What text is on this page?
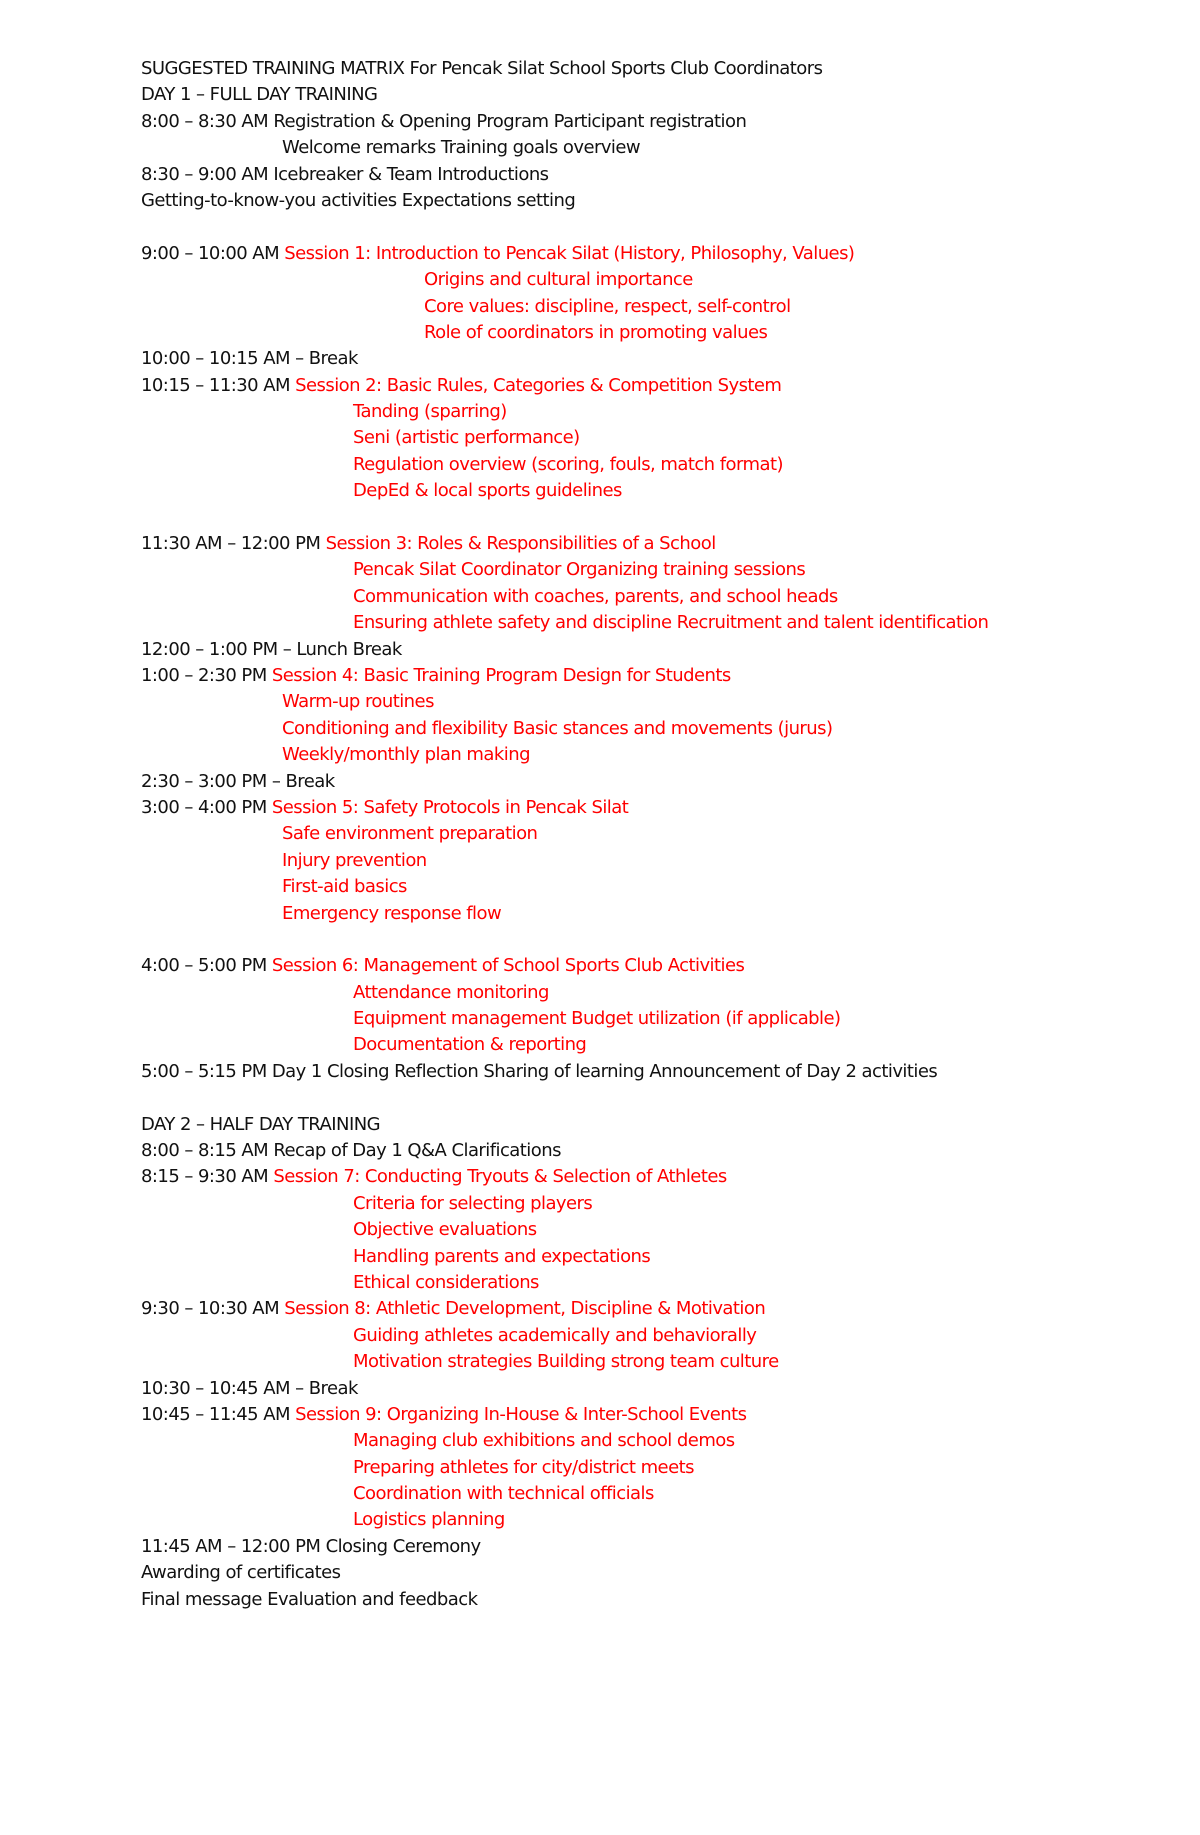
SUGGESTED TRAINING MATRIX For Pencak Silat School Sports Club Coordinators
DAY 1 – FULL DAY TRAINING
8:00 – 8:30 AM Registration & Opening Program Participant registration
Welcome remarks Training goals overview
8:30 – 9:00 AM Icebreaker & Team Introductions
Getting-to-know-you activities Expectations setting
9:00 – 10:00 AM Session 1: Introduction to Pencak Silat (History, Philosophy, Values)
Origins and cultural importance
Core values: discipline, respect, self-control
Role of coordinators in promoting values
10:00 – 10:15 AM – Break
10:15 – 11:30 AM Session 2: Basic Rules, Categories & Competition System
Tanding (sparring)
Seni (artistic performance)
Regulation overview (scoring, fouls, match format)
DepEd & local sports guidelines
11:30 AM – 12:00 PM Session 3: Roles & Responsibilities of a School
Pencak Silat Coordinator Organizing training sessions
Communication with coaches, parents, and school heads
Ensuring athlete safety and discipline Recruitment and talent identification
12:00 – 1:00 PM – Lunch Break
1:00 – 2:30 PM Session 4: Basic Training Program Design for Students
Warm-up routines
Conditioning and flexibility Basic stances and movements (jurus)
Weekly/monthly plan making
2:30 – 3:00 PM – Break
3:00 – 4:00 PM Session 5: Safety Protocols in Pencak Silat
Safe environment preparation
Injury prevention
First-aid basics
Emergency response flow
4:00 – 5:00 PM Session 6: Management of School Sports Club Activities
Attendance monitoring
Equipment management Budget utilization (if applicable)
Documentation & reporting
5:00 – 5:15 PM Day 1 Closing Reflection Sharing of learning Announcement of Day 2 activities
DAY 2 – HALF DAY TRAINING
8:00 – 8:15 AM Recap of Day 1 Q&A Clarifications
8:15 – 9:30 AM Session 7: Conducting Tryouts & Selection of Athletes
Criteria for selecting players
Objective evaluations
Handling parents and expectations
Ethical considerations
9:30 – 10:30 AM Session 8: Athletic Development, Discipline & Motivation
Guiding athletes academically and behaviorally
Motivation strategies Building strong team culture
10:30 – 10:45 AM – Break
10:45 – 11:45 AM Session 9: Organizing In-House & Inter-School Events
Managing club exhibitions and school demos
Preparing athletes for city/district meets
Coordination with technical officials
Logistics planning
11:45 AM – 12:00 PM Closing Ceremony
Awarding of certificates
Final message Evaluation and feedback
